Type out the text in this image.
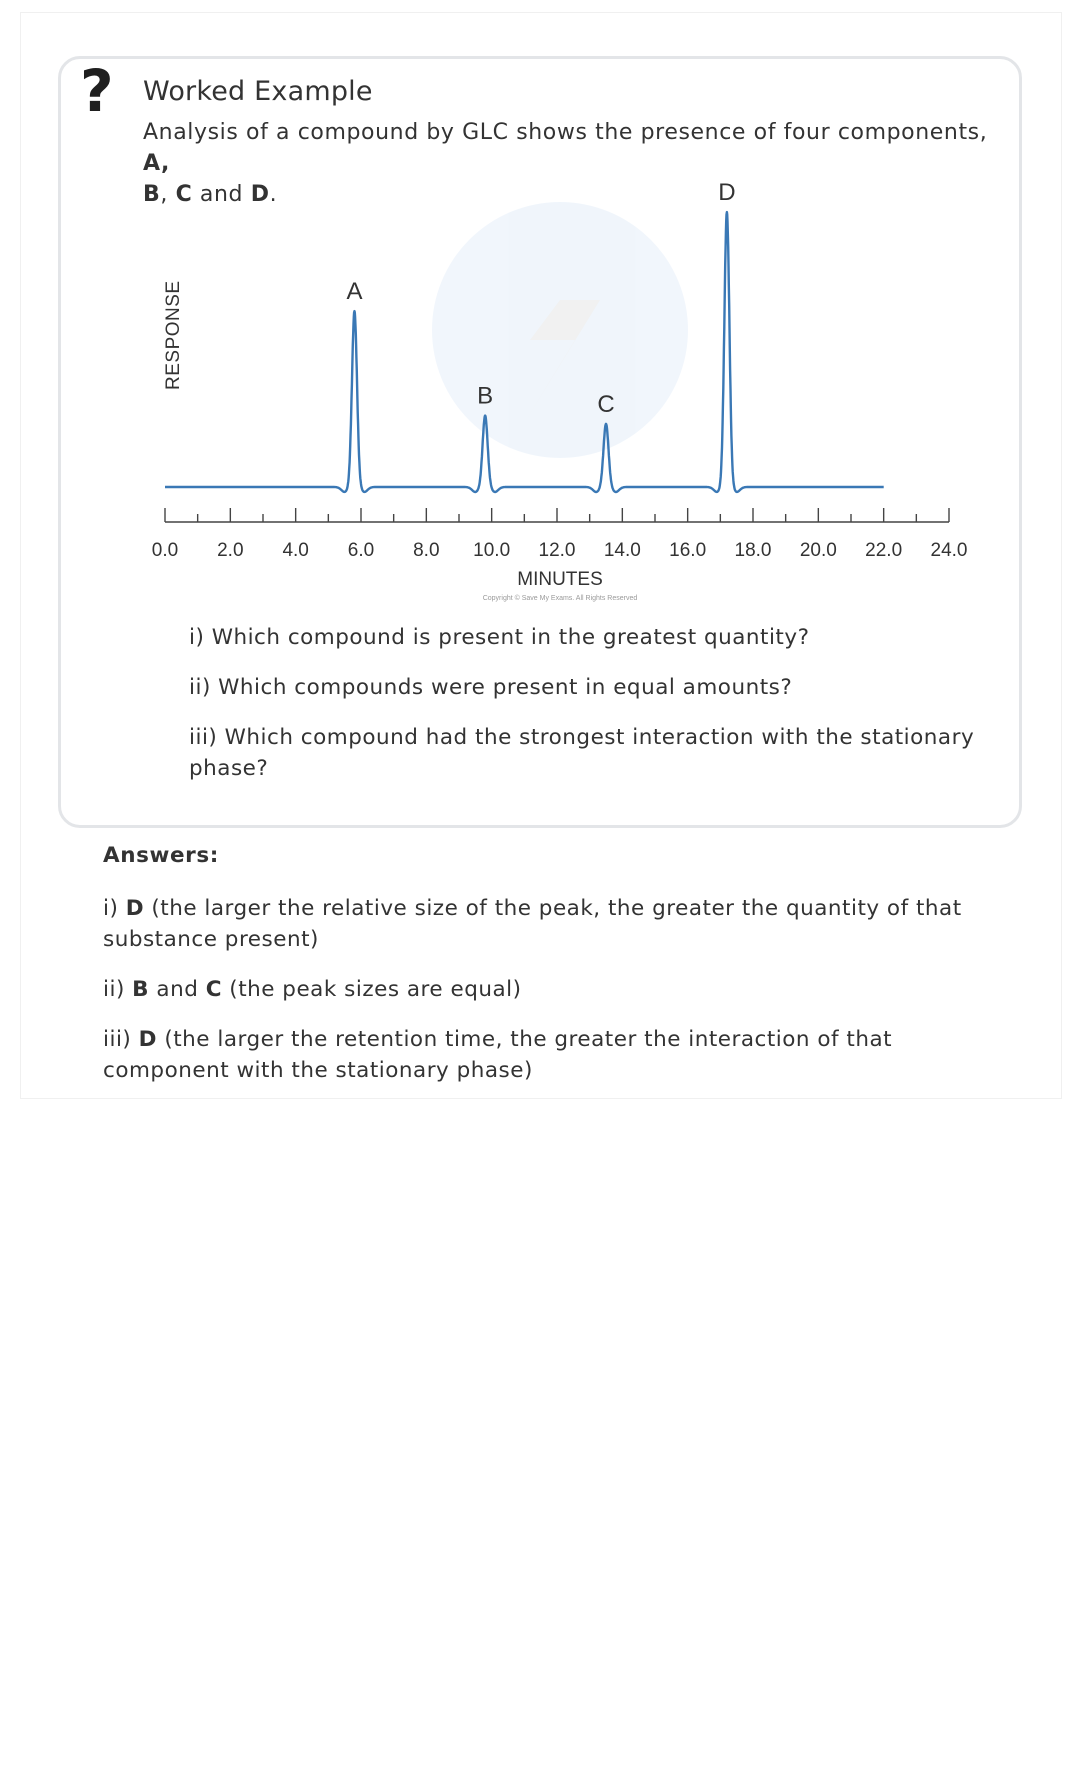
? Worked Example
Analysis of a compound by GLC shows the presence of four components, A,
B, C and D.
RESPONSE
0.0 2.0 4.0 6.0 8.0 10.0 12.0 14.0 16.0 18.0 20.0 22.0 24.0
A
B	C
D
MINUTES
Copyright © Save My Exams. All Rights Reserved
i) Which compound is present in the greatest quantity?
ii) Which compounds were present in equal amounts?
iii) Which compound had the strongest interaction with the stationary phase?
Answers:
i) D (the larger the relative size of the peak, the greater the quantity of that substance present)
ii) B and C (the peak sizes are equal)
iii) D (the larger the retention time, the greater the interaction of that component with the stationary phase)
